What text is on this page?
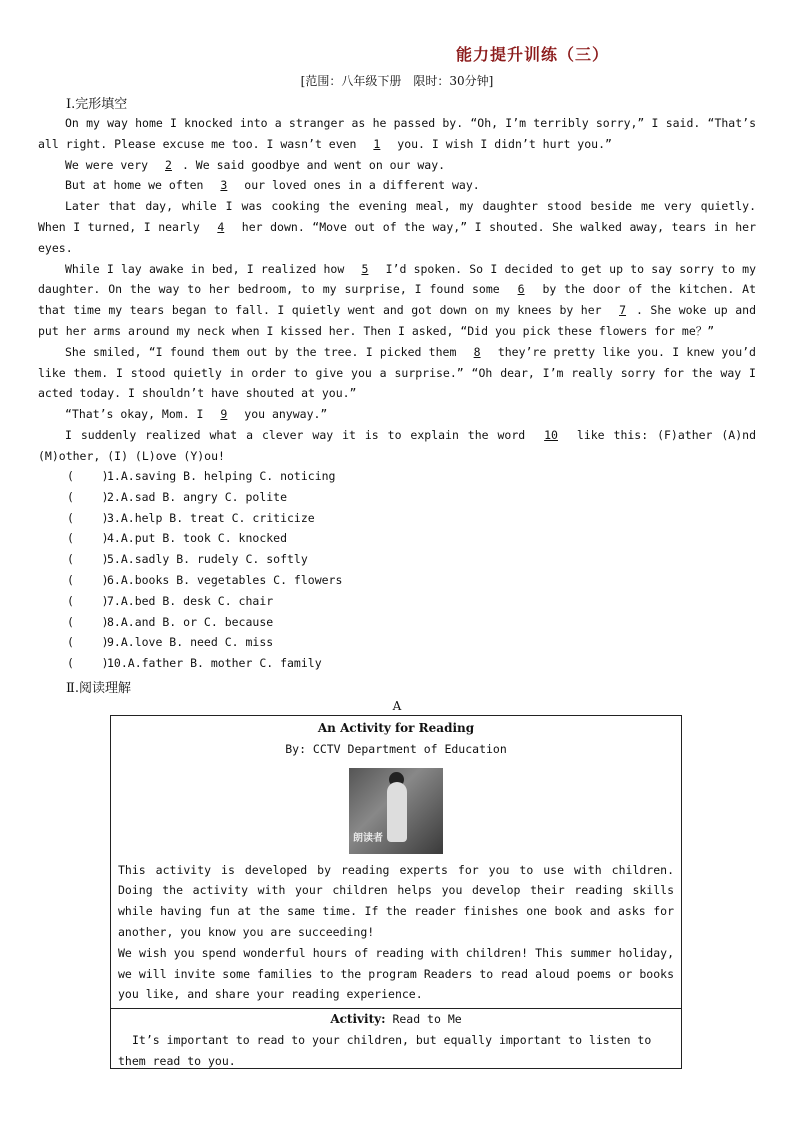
能力提升训练（三）
[范围：八年级下册　限时：30分钟]
Ⅰ.完形填空

On my way home I knocked into a stranger as he passed by. “Oh, I’m terribly sorry,” I said. “That’s all right. Please excuse me too. I wasn’t even 1 you. I wish I didn’t hurt you.”

We were very 2 . We said goodbye and went on our way.

But at home we often 3 our loved ones in a different way.

Later that day, while I was cooking the evening meal, my daughter stood beside me very quietly. When I turned, I nearly 4 her down. “Move out of the way,” I shouted. She walked away, tears in her eyes.

While I lay awake in bed, I realized how 5 I’d spoken. So I decided to get up to say sorry to my daughter. On the way to her bedroom, to my surprise, I found some 6 by the door of the kitchen. At that time my tears began to fall. I quietly went and got down on my knees by her 7 . She woke up and put her arms around my neck when I kissed her. Then I asked, “Did you pick these flowers for me？”

She smiled, “I found them out by the tree. I picked them 8 they’re pretty like you. I knew you’d like them. I stood quietly in order to give you a surprise.” “Oh dear, I’m really sorry for the way I acted today. I shouldn’t have shouted at you.”

“That’s okay, Mom. I 9 you anyway.”

I suddenly realized what a clever way it is to explain the word 10 like this: (F)ather (A)nd (M)other, (I) (L)ove (Y)ou!

(    )
1.A.saving B. helping C. noticing
(    )
2.A.sad B. angry C. polite
(    )
3.A.help B. treat C. criticize
(    )
4.A.put B. took C. knocked
(    )
5.A.sadly B. rudely C. softly
(    )
6.A.books B. vegetables C. flowers
(    )
7.A.bed B. desk C. chair
(    )
8.A.and B. or C. because
(    )
9.A.love B. need C. miss
(    )
10.A.father B. mother C. family
Ⅱ.阅读理解
A
An Activity for Reading
By: CCTV Department of Education
朗读者

This activity is developed by reading experts for you to use with children. Doing the activity with your children helps you develop their reading skills while having fun at the same time. If the reader finishes one book and asks for another, you know you are succeeding!

We wish you spend wonderful hours of reading with children! This summer holiday, we will invite some families to the program Readers to read aloud poems or books you like, and share your reading experience.

Activity: Read to Me
It’s important to read to your children, but equally important to listen to them read to you.
